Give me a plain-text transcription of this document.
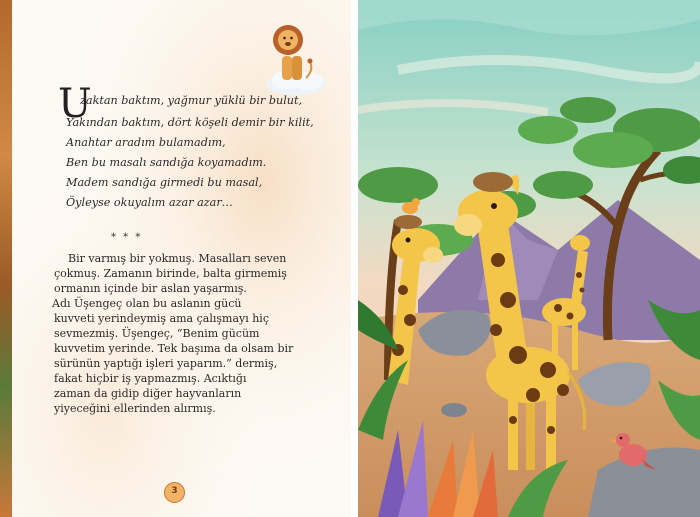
U
zaktan baktım, yağmur yüklü bir bulut,
Yakından baktım, dört köşeli demir bir kilit,
Anahtar aradım bulamadım,
Ben bu masalı sandığa koyamadım.
Madem sandığa girmedi bu masal,
Öyleyse okuyalım azar azar…
* * *
Bir varmış bir yokmuş. Masalları seven
çokmuş. Zamanın birinde, balta girmemiş
ormanın içinde bir aslan yaşarmış.
Adı Üşengeç olan bu aslanın gücü
kuvveti yerindeymiş ama çalışmayı hiç
sevmezmiş. Üşengeç, “Benim gücüm
kuvvetim yerinde. Tek başıma da olsam bir
sürünün yaptığı işleri yaparım.” dermiş,
fakat hiçbir iş yapmazmış. Acıktığı
zaman da gidip diğer hayvanların
yiyeceğini ellerinden alırmış.
3
